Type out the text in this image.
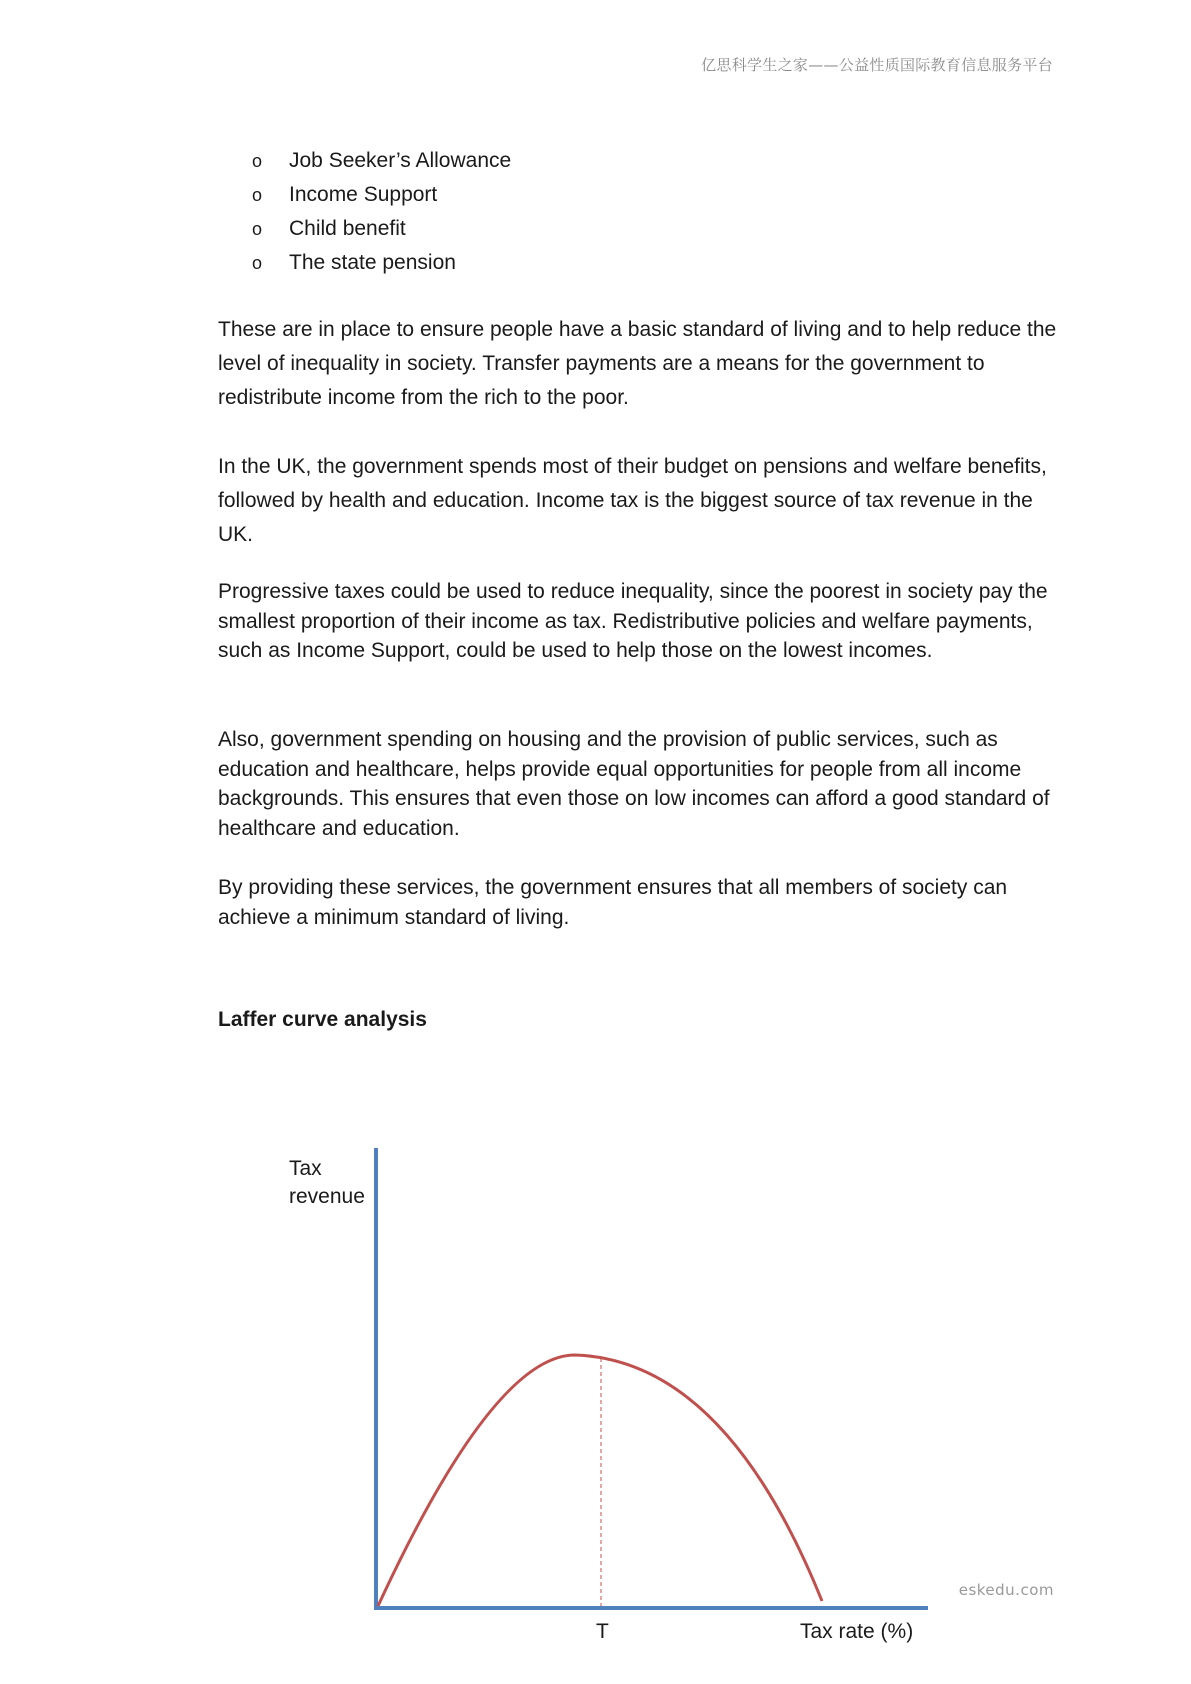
亿思科学生之家——公益性质国际教育信息服务平台
o Job Seeker’s Allowance
o Income Support
o Child benefit
o The state pension

These are in place to ensure people have a basic standard of living and to help reduce the level of inequality in society. Transfer payments are a means for the government to redistribute income from the rich to the poor.

In the UK, the government spends most of their budget on pensions and welfare benefits, followed by health and education. Income tax is the biggest source of tax revenue in the UK.

Progressive taxes could be used to reduce inequality, since the poorest in society pay the smallest proportion of their income as tax. Redistributive policies and welfare payments, such as Income Support, could be used to help those on the lowest incomes.

Also, government spending on housing and the provision of public services, such as education and healthcare, helps provide equal opportunities for people from all income backgrounds. This ensures that even those on low incomes can afford a good standard of healthcare and education.

By providing these services, the government ensures that all members of society can achieve a minimum standard of living.

Laffer curve analysis
Tax
revenue
T	Tax rate (%)
eskedu.com
